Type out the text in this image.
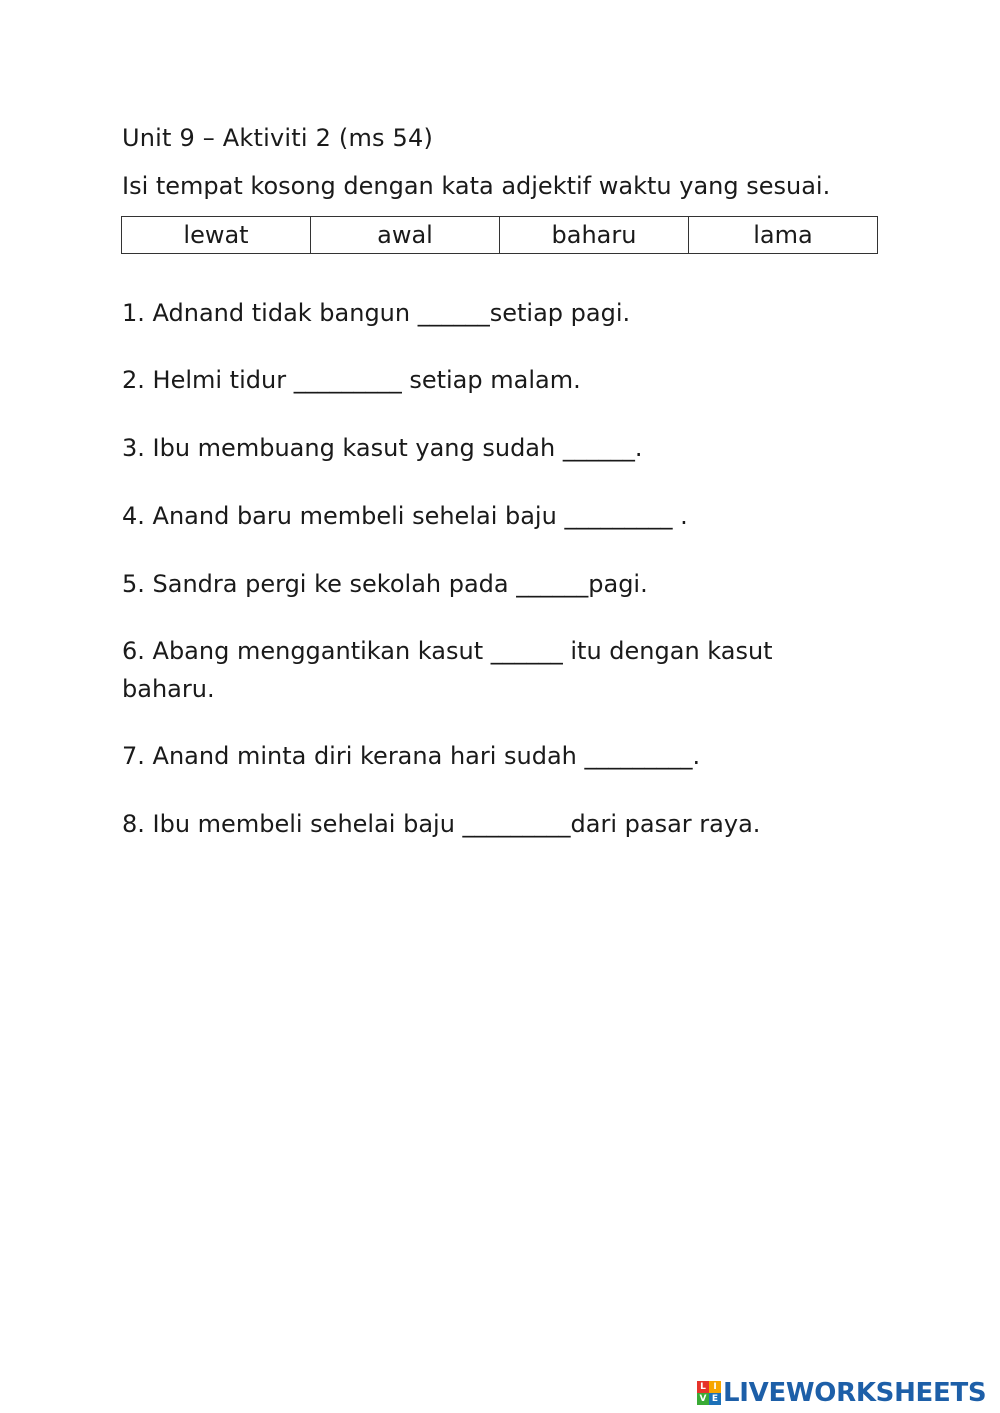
Unit 9 – Aktiviti 2 (ms 54)
Isi tempat kosong dengan kata adjektif waktu yang sesuai.
lewat	awal	baharu	lama
1. Adnand tidak bangun ______setiap pagi.
2. Helmi tidur _________ setiap malam.
3. Ibu membuang kasut yang sudah ______.
4. Anand baru membeli sehelai baju _________ .
5. Sandra pergi ke sekolah pada ______pagi.
6. Abang menggantikan kasut ______ itu dengan kasut baharu.
7. Anand minta diri kerana hari sudah _________.
8. Ibu membeli sehelai baju _________dari pasar raya.
L I
V E LIVEWORKSHEETS
